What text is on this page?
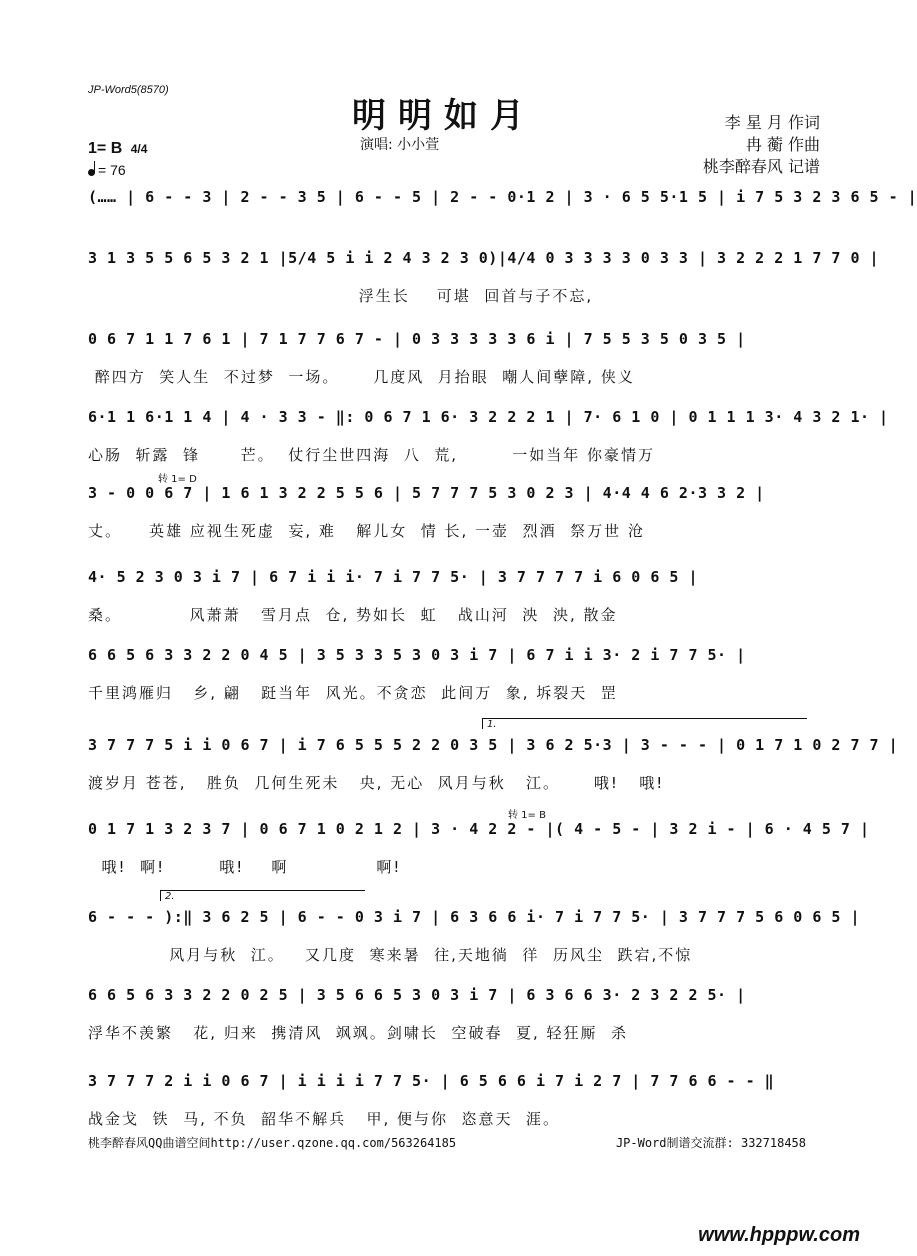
JP-Word5(8570)
明明如月
演唱: 小小萱
李 星 月 作词
冉 蘅 作曲
桃李醉春风 记谱
1= B 4/4
= 76
(…… | 6 - - 3 | 2 - - 3 5 | 6 - - 5 | 2 - - 0·1 2 | 3 · 6 5 5·1 5 | i 7 5 3 2 3 6 5 - |
3 1 3 5 5 6 5 3 2 1 |5/4 5 i i 2 4 3 2 3 0)|4/4 0 3 3 3 3 0 3 3 | 3 2 2 2 1 7 7 0 |
浮生长    可堪  回首与子不忘,
0 6 7 1 1 7 6 1 | 7 1 7 7 6 7 - | 0 3 3 3 3 3 6 i | 7 5 5 3 5 0 3 5 |
醉四方  笑人生  不过梦  一场。     几度风  月抬眼  嘲人间孽障, 侠义
6·1 1 6·1 1 4 | 4 · 3 3 - ‖: 0 6 7 1 6· 3 2 2 2 1 | 7· 6 1 0 | 0 1 1 1 3· 4 3 2 1· |
心肠  斩露  锋      芒。  仗行尘世四海  八  荒,        一如当年 你豪情万
转 1= D
3 - 0 0 6 7 | 1 6 1 3 2 2 5 5 6 | 5 7 7 7 5 3 0 2 3 | 4·4 4 6 2·3 3 2 |
丈。    英雄 应视生死虚  妄, 难   解儿女  情 长, 一壶  烈酒  祭万世 沧
4· 5 2 3 0 3 i 7 | 6 7 i i i· 7 i 7 7 5· | 3 7 7 7 7 i 6 0 6 5 |
桑。          风萧萧   雪月点  仓, 势如长  虹   战山河  泱  泱, 散金
6 6 5 6 3 3 2 2 0 4 5 | 3 5 3 3 5 3 0 3 i 7 | 6 7 i i 3· 2 i 7 7 5· |
千里鸿雁归   乡, 翩   跹当年  风光。不贪恋  此间万  象, 坼裂天  罡
1.
3 7 7 7 5 i i 0 6 7 | i 7 6 5 5 5 2 2 0 3 5 | 3 6 2 5·3 | 3 - - - | 0 1 7 1 0 2 7 7 |
渡岁月 苍苍,   胜负  几何生死未   央, 无心  风月与秋   江。     哦!   哦!
转 1= B
0 1 7 1 3 2 3 7 | 0 6 7 1 0 2 1 2 | 3 · 4 2 2 - |( 4 - 5 - | 3 2 i - | 6 · 4 5 7 |
哦!  啊!        哦!    啊             啊!
2.
6 - - - ):‖ 3 6 2 5 | 6 - - 0 3 i 7 | 6 3 6 6 i· 7 i 7 7 5· | 3 7 7 7 5 6 0 6 5 |
风月与秋  江。   又几度  寒来暑  往,天地徜  徉  历风尘  跌宕,不惊
6 6 5 6 3 3 2 2 0 2 5 | 3 5 6 6 5 3 0 3 i 7 | 6 3 6 6 3· 2 3 2 2 5· |
浮华不羡繁   花, 归来  携清风  飒飒。剑啸长  空破春  夏, 轻狂厮  杀
3 7 7 7 2 i i 0 6 7 | i i i i 7 7 5· | 6 5 6 6 i 7 i 2 7 | 7 7 6 6 - - ‖
战金戈  铁  马, 不负  韶华不解兵   甲, 便与你  恣意天  涯。
桃李醉春风QQ曲谱空间http://user.qzone.qq.com/563264185	JP-Word制谱交流群: 332718458
www.hpppw.com
